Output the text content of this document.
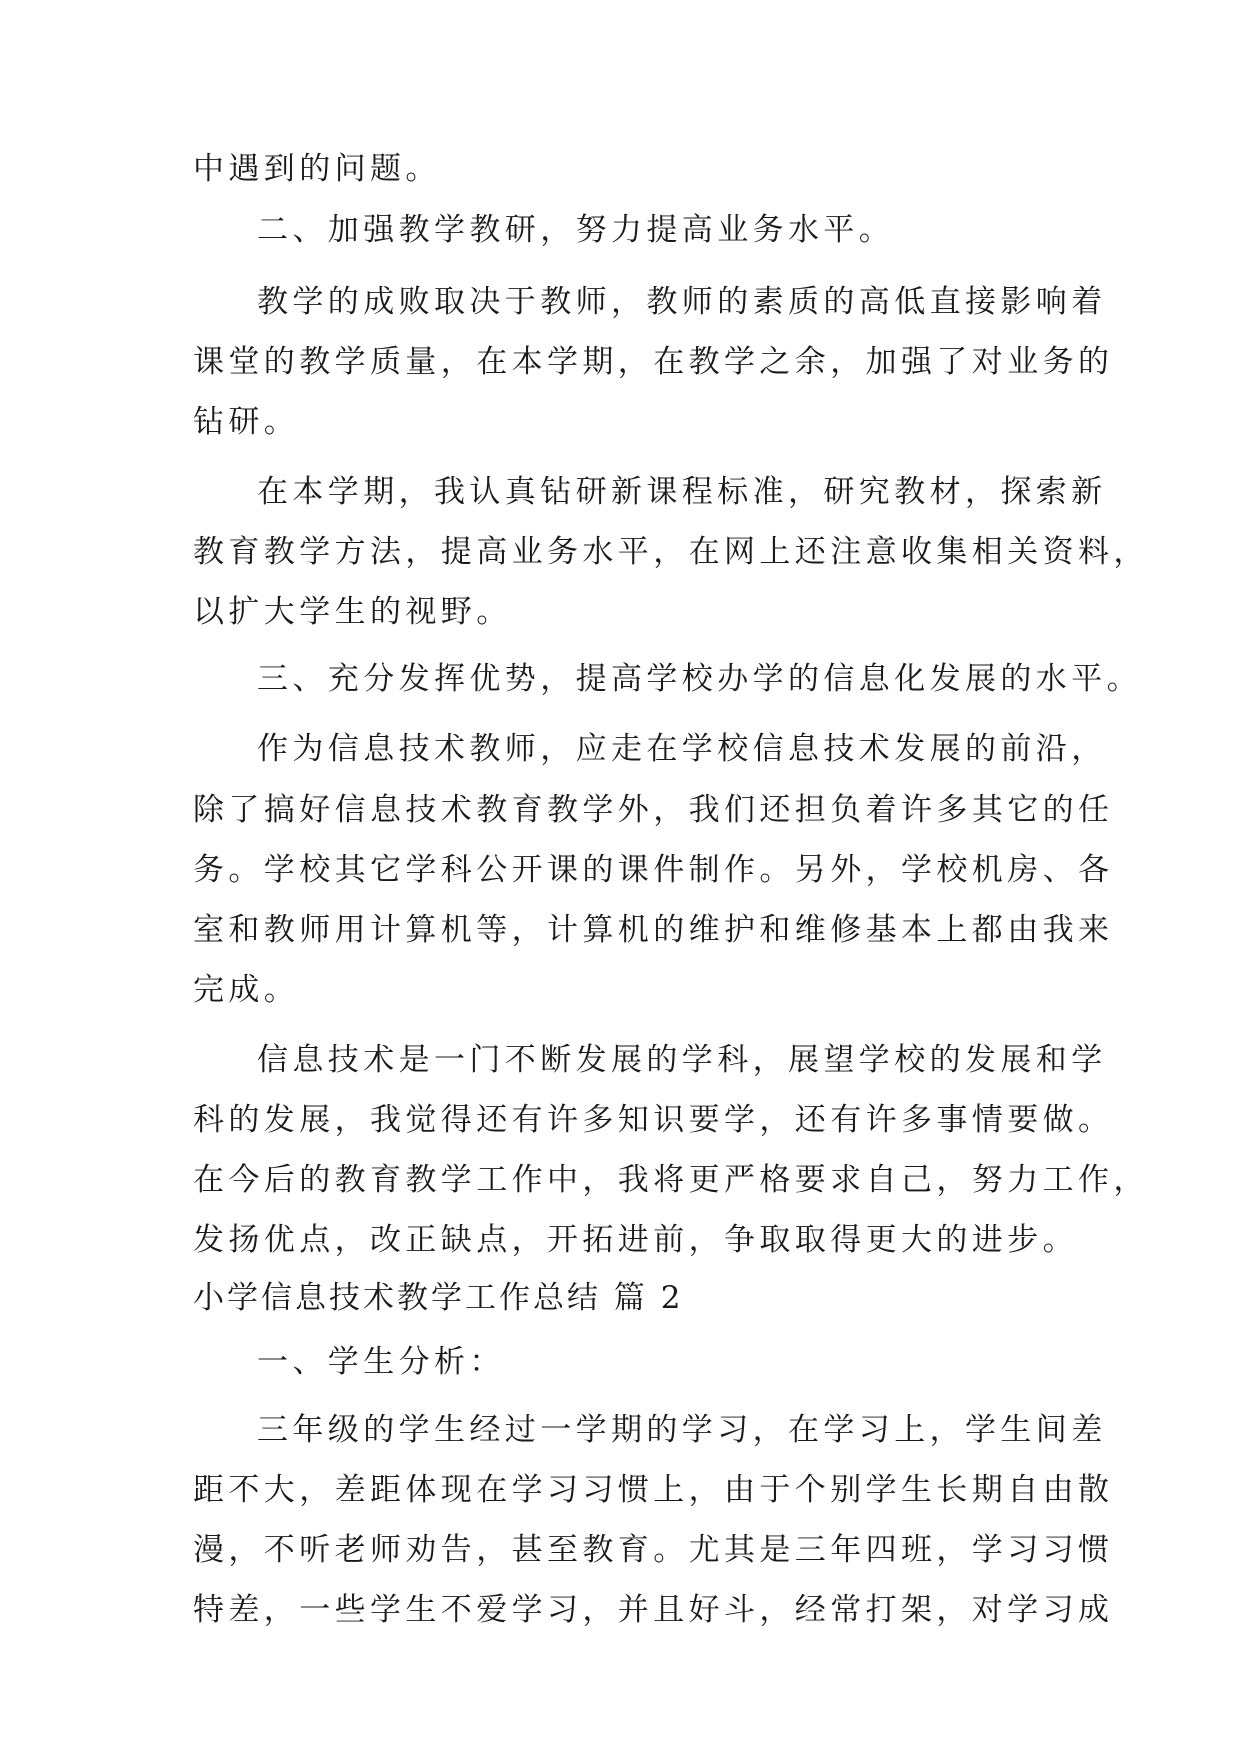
中遇到的问题。

二、加强教学教研，努力提高业务水平。

教学的成败取决于教师，教师的素质的高低直接影响着

课堂的教学质量，在本学期，在教学之余，加强了对业务的

钻研。

在本学期，我认真钻研新课程标准，研究教材，探索新

教育教学方法，提高业务水平，在网上还注意收集相关资料，

以扩大学生的视野。

三、充分发挥优势，提高学校办学的信息化发展的水平。

作为信息技术教师，应走在学校信息技术发展的前沿，

除了搞好信息技术教育教学外，我们还担负着许多其它的任

务。学校其它学科公开课的课件制作。另外，学校机房、各

室和教师用计算机等，计算机的维护和维修基本上都由我来

完成。

信息技术是一门不断发展的学科，展望学校的发展和学

科的发展，我觉得还有许多知识要学，还有许多事情要做。

在今后的教育教学工作中，我将更严格要求自己，努力工作，

发扬优点，改正缺点，开拓进前，争取取得更大的进步。

小学信息技术教学工作总结 篇 2

一、学生分析：

三年级的学生经过一学期的学习，在学习上，学生间差

距不大，差距体现在学习习惯上，由于个别学生长期自由散

漫，不听老师劝告，甚至教育。尤其是三年四班，学习习惯

特差，一些学生不爱学习，并且好斗，经常打架，对学习成
